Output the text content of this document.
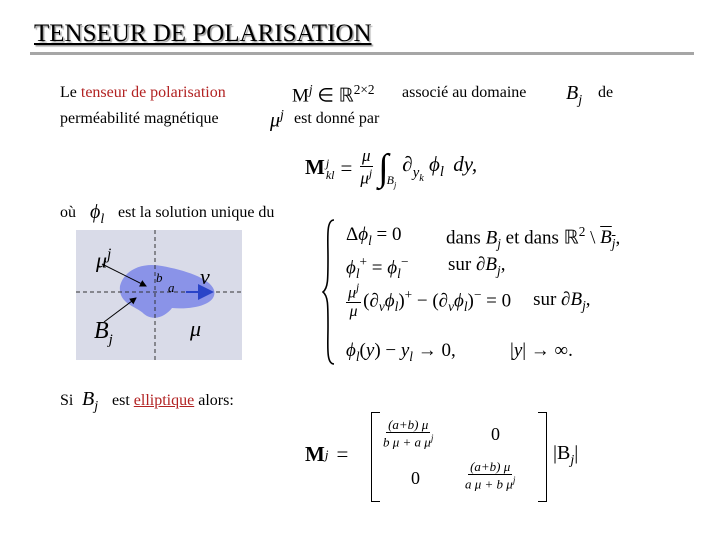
TENSEUR DE POLARISATION
Le tenseur de polarisation	$M^j$ ∈ ℝ$^{2\times 2}$ associé au domaine $B_j$ de
perméabilité magnétique	$\mu^j$ est donné par
M j
kl = $\frac{\mu}{\mu^j}$ ∫
$B_j$
$\partial_{y_k}$ $\phi_l$ dy,
où $\phi_l$ est la solution unique du
$\mu^j$
b
a ν
$B_j$	μ
$\Delta\phi_l = 0$ dans $B_j$ et dans ℝ$^2$ \ $B_j$,
$\phi_l^+ = \phi_l^-$ sur $\partial B_j$,
$\frac{\mu^j}{\mu} (\partial_\nu\phi_l)^+ - (\partial_\nu\phi_l)^- = 0$ sur $\partial B_j$,
$\phi_l(y) - y_l \to 0$,	|y| → ∞.
Si $B_j$ est elliptique alors:
M j =
$\frac{(a+b) \mu}{b \mu + a \mu^j}$	0
0	$\frac{(a+b) \mu}{a \mu + b \mu^j}$
$|B_j|$
